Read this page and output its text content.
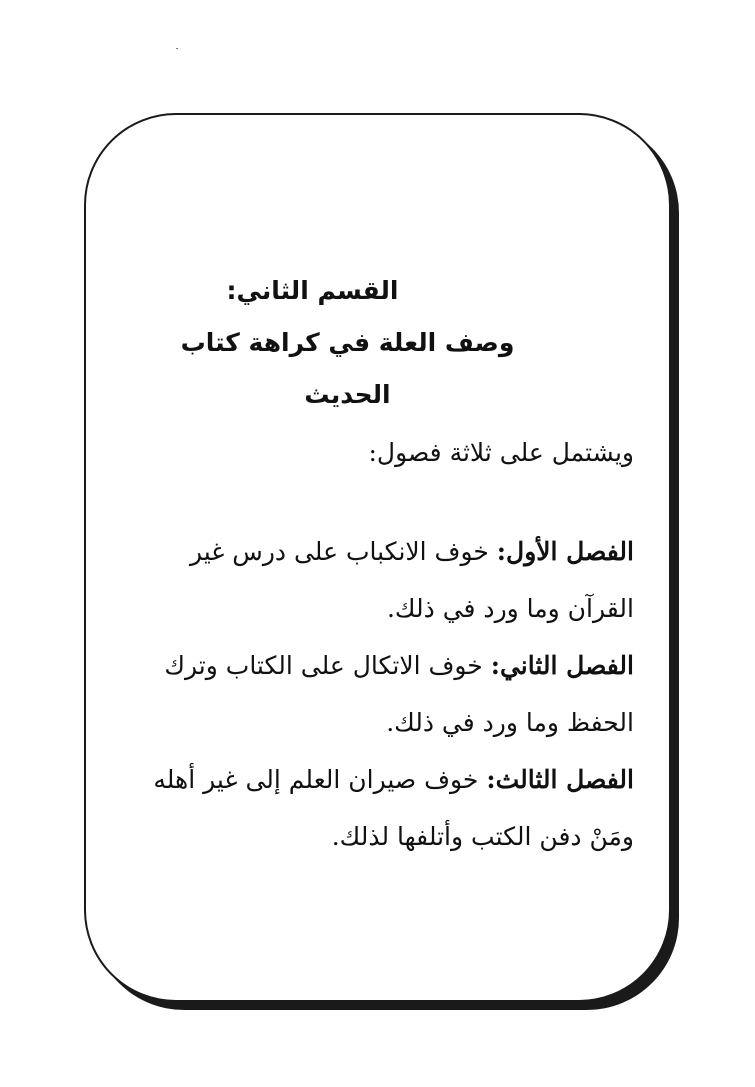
القسم الثاني:
وصف العلة في كراهة كتاب الحديث
ويشتمل على ثلاثة فصول:
الفصل الأول: خوف الانكباب على درس غير
القرآن وما ورد في ذلك.
الفصل الثاني: خوف الاتكال على الكتاب وترك
الحفظ وما ورد في ذلك.
الفصل الثالث: خوف صيران العلم إلى غير أهله
ومَنْ دفن الكتب وأتلفها لذلك.
